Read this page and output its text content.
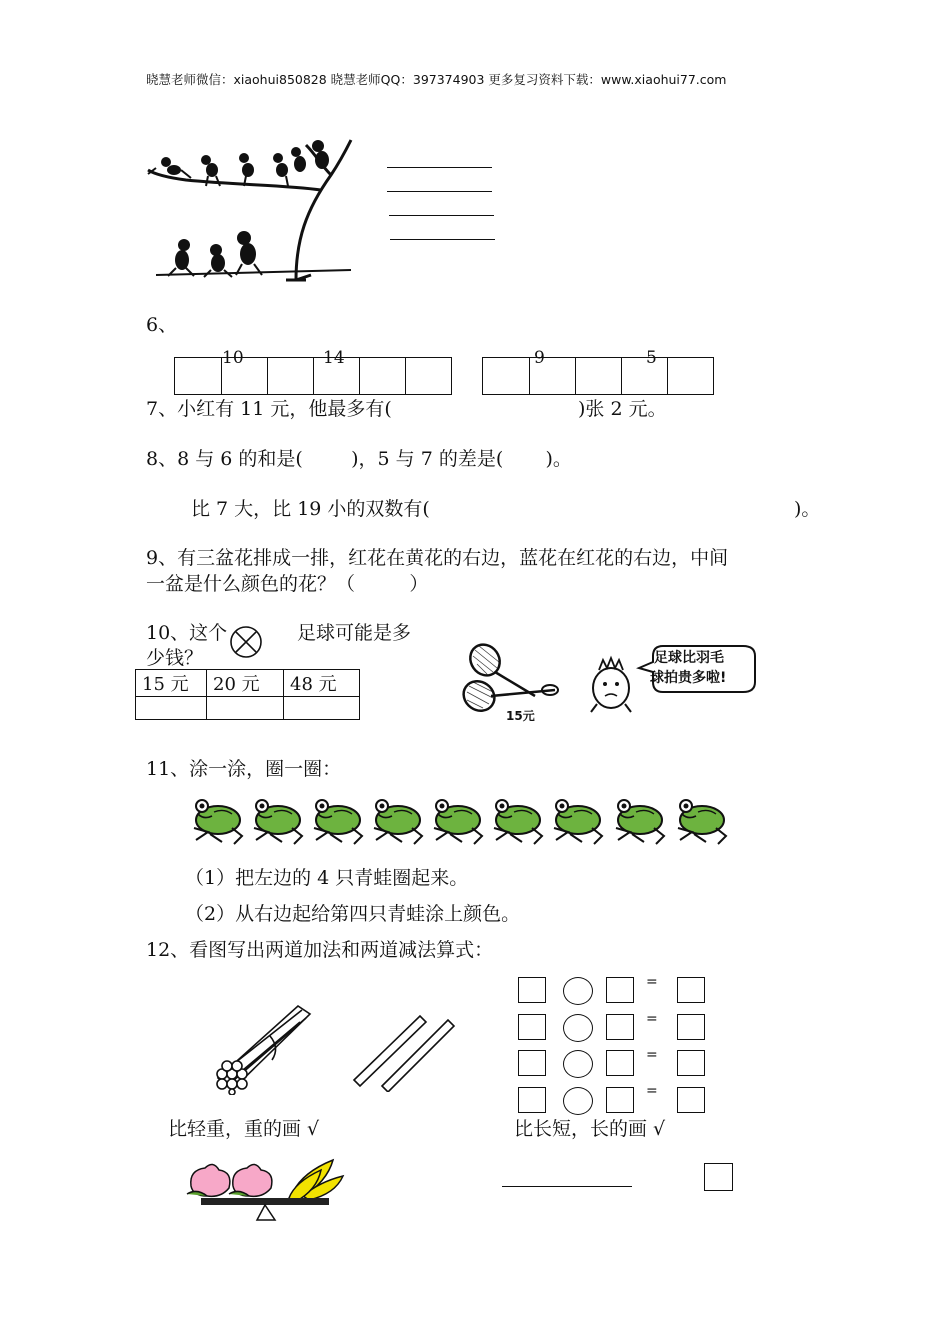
晓慧老师微信：xiaohui850828 晓慧老师QQ：397374903 更多复习资料下载：www.xiaohui77.com
6、
10	14	9	5
7、小红有 11 元，他最多有(	)张 2 元。
8、8 与 6 的和是(        )，5 与 7 的差是(       )。
比 7 大，比 19 小的双数有(	)。
9、有三盆花排成一排，红花在黄花的右边，蓝花在红花的右边，中间
一盆是什么颜色的花？（         ）
10、这个	足球可能是多
少钱？
15 元	20 元	48 元

15元
足球比羽毛
球拍贵多啦!
11、涂一涂，圈一圈：
（1）把左边的 4 只青蛙圈起来。
（2）从右边起给第四只青蛙涂上颜色。
12、看图写出两道加法和两道减法算式：
=
=
=
=
比轻重，重的画 √	比长短，长的画 √
